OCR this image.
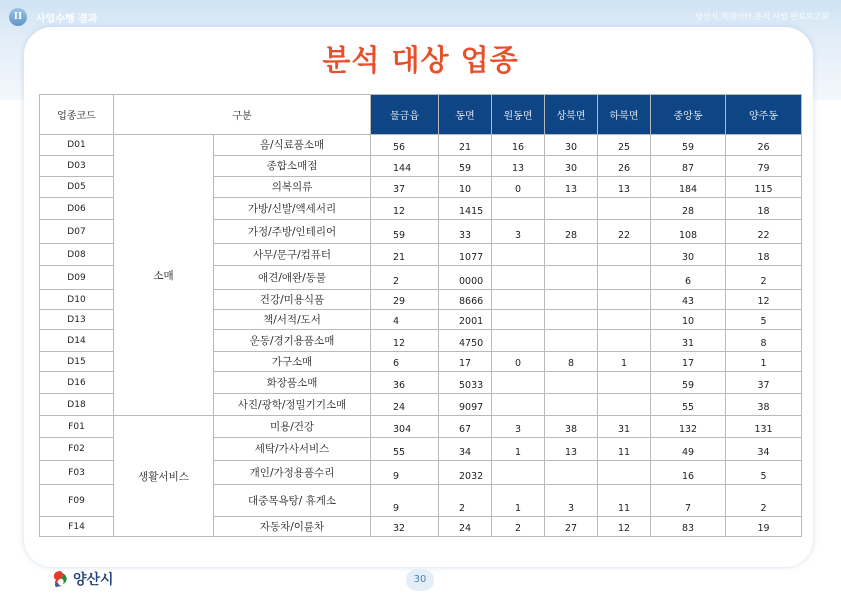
II	사업수행 결과	양산시 빅데이터 분석 사업 완료보고회
분석 대상 업종
업종코드	구분		물금읍	동면	원동면	상북면	하북면	중앙동	양주동
D01	소매	음/식료품소매	56	21	16	30	25	59	26
D03		종합소매점	144	59	13	30	26	87	79
D05		의복의류	37	10	0	13	13	184	115
D06		가방/신발/액세서리	12	1415				28	18
D07		가정/주방/인테리어	59	33	3	28	22	108	22
D08		사무/문구/컴퓨터	21	1077				30	18
D09		애견/애완/동물	2	0000				6	2
D10		건강/미용식품	29	8666				43	12
D13		책/서적/도서	4	2001				10	5
D14		운동/경기용품소매	12	4750				31	8
D15		가구소매	6	17	0	8	1	17	1
D16		화장품소매	36	5033				59	37
D18		사진/광학/정밀기기소매	24	9097				55	38
F01	생활서비스	미용/건강	304	67	3	38	31	132	131
F02		세탁/가사서비스	55	34	1	13	11	49	34
F03		개인/가정용품수리	9	2032				16	5
F09		대중목욕탕/ 휴게소	9	2	1	3	11	7	2
F14		자동차/이륜차	32	24	2	27	12	83	19
양산시	30
